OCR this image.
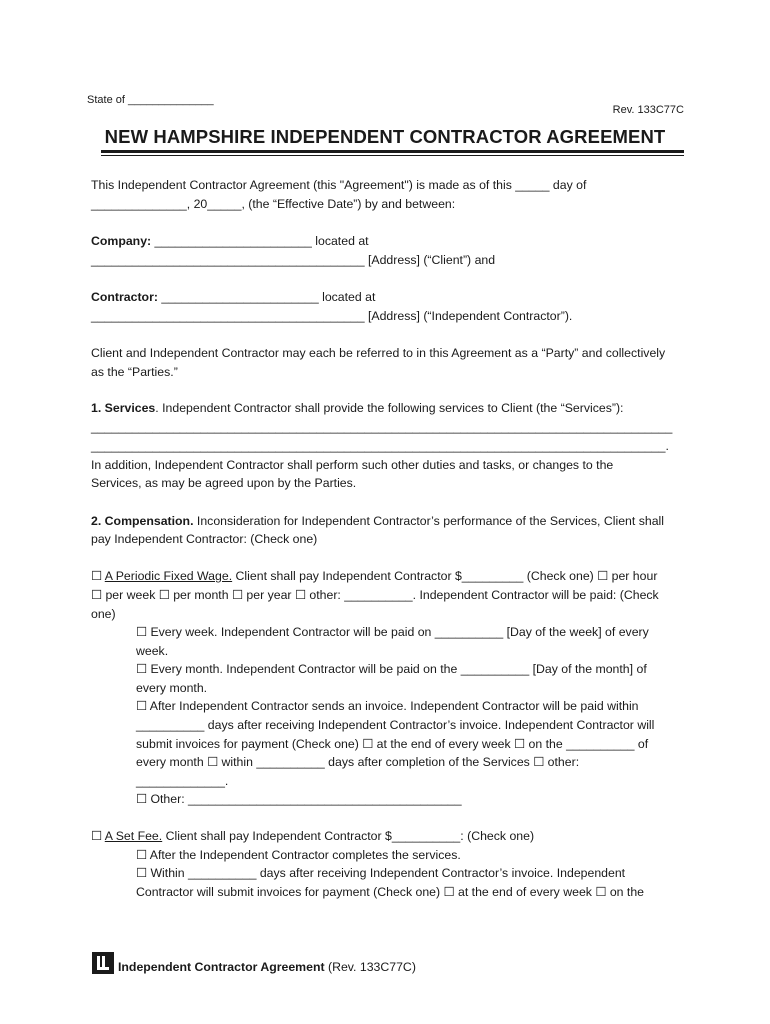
State of ______________
Rev. 133C77C
NEW HAMPSHIRE INDEPENDENT CONTRACTOR AGREEMENT
This Independent Contractor Agreement (this "Agreement") is made as of this _____ day of
______________, 20_____, (the “Effective Date”) by and between:
Company: _______________________ located at
________________________________________ [Address] (“Client”) and
Contractor: _______________________ located at
________________________________________ [Address] (“Independent Contractor”).
Client and Independent Contractor may each be referred to in this Agreement as a “Party” and collectively
as the “Parties.”
1. Services. Independent Contractor shall provide the following services to Client (the “Services”):
_____________________________________________________________________________________
____________________________________________________________________________________.
In addition, Independent Contractor shall perform such other duties and tasks, or changes to the
Services, as may be agreed upon by the Parties.
2. Compensation. Inconsideration for Independent Contractor’s performance of the Services, Client shall
pay Independent Contractor: (Check one)
☐ A Periodic Fixed Wage. Client shall pay Independent Contractor $_________ (Check one) ☐ per hour
☐ per week ☐ per month ☐ per year ☐ other: __________. Independent Contractor will be paid: (Check
one)
☐ Every week. Independent Contractor will be paid on __________ [Day of the week] of every
week.
☐ Every month. Independent Contractor will be paid on the __________ [Day of the month] of
every month.
☐ After Independent Contractor sends an invoice. Independent Contractor will be paid within
__________ days after receiving Independent Contractor’s invoice. Independent Contractor will
submit invoices for payment (Check one) ☐ at the end of every week ☐ on the __________ of
every month ☐ within __________ days after completion of the Services ☐ other:
_____________.
☐ Other: ________________________________________
☐ A Set Fee. Client shall pay Independent Contractor $__________: (Check one)
☐ After the Independent Contractor completes the services.
☐ Within __________ days after receiving Independent Contractor’s invoice. Independent
Contractor will submit invoices for payment (Check one) ☐ at the end of every week ☐ on the
Independent Contractor Agreement (Rev. 133C77C)
